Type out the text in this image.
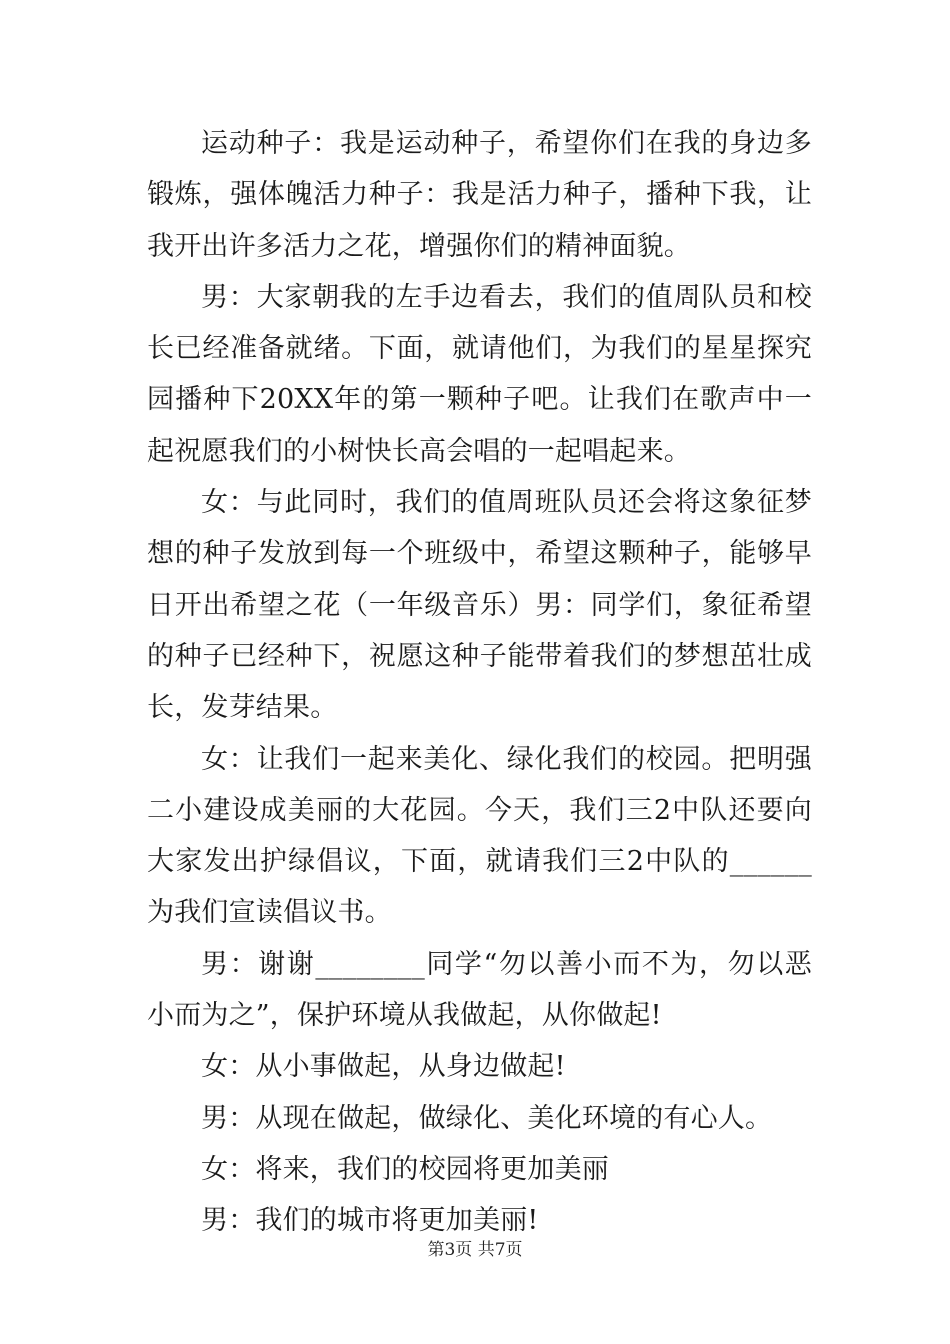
运动种子：我是运动种子，希望你们在我的身边多锻炼，强体魄活力种子：我是活力种子，播种下我，让我开出许多活力之花，增强你们的精神面貌。

男：大家朝我的左手边看去，我们的值周队员和校长已经准备就绪。下面，就请他们，为我们的星星探究园播种下20XX年的第一颗种子吧。让我们在歌声中一起祝愿我们的小树快长高会唱的一起唱起来。

女：与此同时，我们的值周班队员还会将这象征梦想的种子发放到每一个班级中，希望这颗种子，能够早日开出希望之花（一年级音乐）男：同学们，象征希望的种子已经种下，祝愿这种子能带着我们的梦想茁壮成长，发芽结果。

女：让我们一起来美化、绿化我们的校园。把明强二小建设成美丽的大花园。今天，我们三2中队还要向大家发出护绿倡议，下面，就请我们三2中队的______为我们宣读倡议书。

男：谢谢________同学“勿以善小而不为，勿以恶小而为之”，保护环境从我做起，从你做起!

女：从小事做起，从身边做起!

男：从现在做起，做绿化、美化环境的有心人。

女：将来，我们的校园将更加美丽

男：我们的城市将更加美丽!

第3页 共7页
